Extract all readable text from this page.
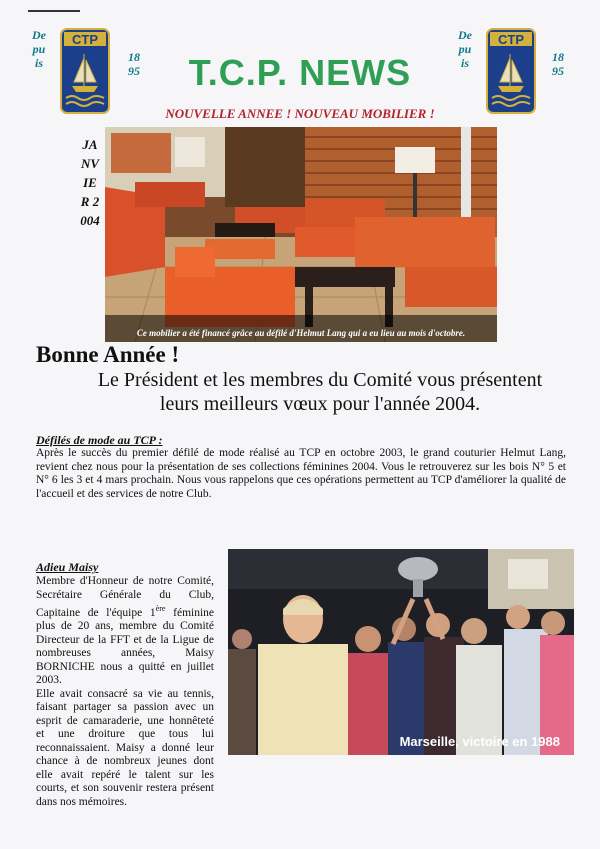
Depuis
CTP
1895
Depuis
CTP
1895
T.C.P. NEWS
NOUVELLE ANNEE ! NOUVEAU MOBILIER !
JANVIER 2004
Ce mobilier a été financé grâce au défilé d'Helmut Lang qui a eu lieu au mois d'octobre.
Bonne Année !
Le Président et les membres du Comité vous présentent leurs meilleurs vœux pour l'année 2004.
Défilés de mode au TCP :
Après le succès du premier défilé de mode réalisé au TCP en octobre 2003, le grand couturier Helmut Lang, revient chez nous pour la présentation de ses collections féminines 2004. Vous le retrouverez sur les bois N° 5 et N° 6 les 3 et 4 mars prochain. Nous vous rappelons que ces opérations permettent au TCP d'améliorer la qualité de l'accueil et des services de notre Club.
Adieu Maisy
Membre d'Honneur de notre Comité, Secrétaire Générale du Club, Capitaine de l'équipe 1ère féminine plus de 20 ans, membre du Comité Directeur de la FFT et de la Ligue de nombreuses années, Maisy BORNICHE nous a quitté en juillet 2003.
Elle avait consacré sa vie au tennis, faisant partager sa passion avec un esprit de camaraderie, une honnêteté et une droiture que tous lui reconnaissaient. Maisy a donné leur chance à de nombreux jeunes dont elle avait repéré le talent sur les courts, et son souvenir restera présent dans nos mémoires.
Marseille, victoire en 1988
